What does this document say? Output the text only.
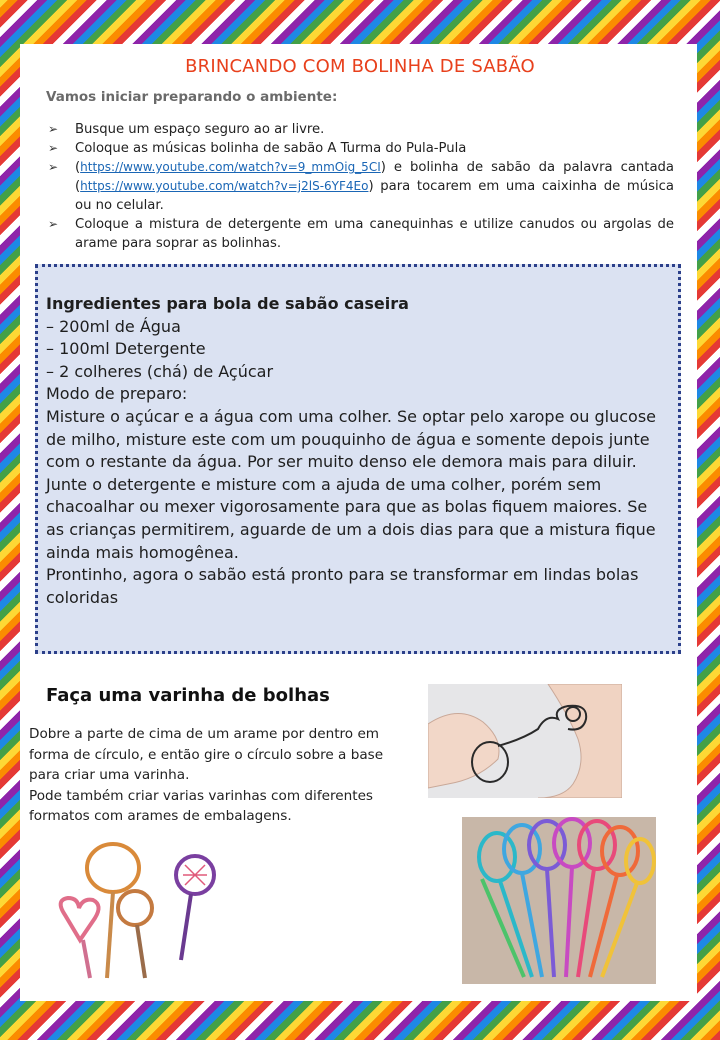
BRINCANDO COM BOLINHA DE SABÃO
Vamos iniciar preparando o ambiente:
➢ Busque um espaço seguro ao ar livre.
➢ Coloque as músicas bolinha de sabão A Turma do Pula-Pula
➢ (https://www.youtube.com/watch?v=9_mmOig_5CI) e bolinha de sabão da palavra cantada (https://www.youtube.com/watch?v=j2lS-6YF4Eo) para tocarem em uma caixinha de música ou no celular.
➢ Coloque a mistura de detergente em uma canequinhas e utilize canudos ou argolas de arame para soprar as bolinhas.

Ingredientes para bola de sabão caseira

– 200ml de Água

– 100ml Detergente

– 2 colheres (chá) de Açúcar

Modo de preparo:

Misture o açúcar e a água com uma colher. Se optar pelo xarope ou glucose de milho, misture este com um pouquinho de água e somente depois junte com o restante da água. Por ser muito denso ele demora mais para diluir.

Junte o detergente e misture com a ajuda de uma colher, porém sem chacoalhar ou mexer vigorosamente para que as bolas fiquem maiores. Se as crianças permitirem, aguarde de um a dois dias para que a mistura fique ainda mais homogênea.

Prontinho, agora o sabão está pronto para se transformar em lindas bolas coloridas

Faça uma varinha de bolhas

Dobre a parte de cima de um arame por dentro em forma de círculo, e então gire o círculo sobre a base para criar uma varinha.

Pode também criar varias varinhas com diferentes formatos com arames de embalagens.
